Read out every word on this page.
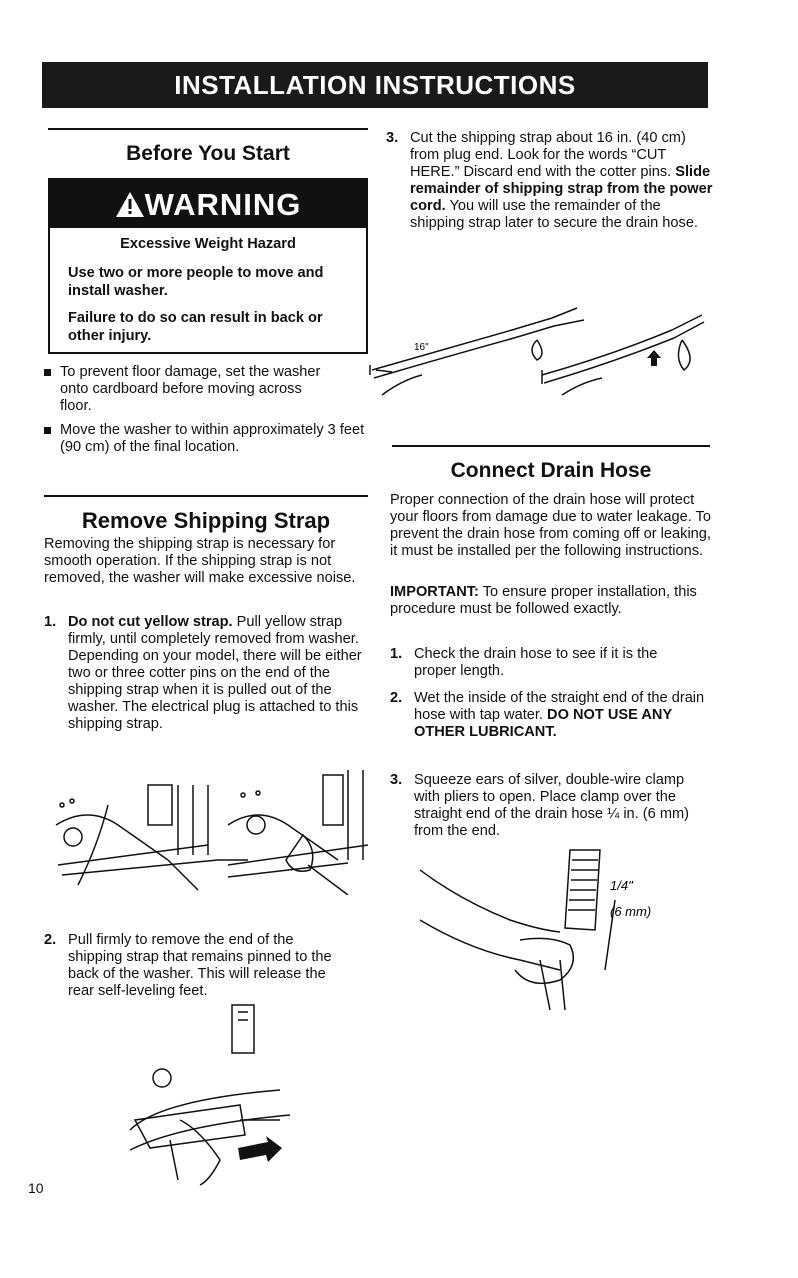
INSTALLATION INSTRUCTIONS
Before You Start
WARNING
Excessive Weight Hazard
Use two or more people to move and install washer.
Failure to do so can result in back or other injury.
To prevent floor damage, set the washer onto cardboard before moving across floor.
Move the washer to within approximately 3 feet (90 cm) of the final location.
Remove Shipping Strap

Removing the shipping strap is necessary for smooth operation. If the shipping strap is not removed, the washer will make excessive noise.

1. Do not cut yellow strap. Pull yellow strap firmly, until completely removed from washer. Depending on your model, there will be either two or three cotter pins on the end of the shipping strap when it is pulled out of the washer. The electrical plug is attached to this shipping strap.
2. Pull firmly to remove the end of the shipping strap that remains pinned to the back of the washer. This will release the rear self-leveling feet.
10
3. Cut the shipping strap about 16 in. (40 cm) from plug end. Look for the words “CUT HERE.” Discard end with the cotter pins. Slide remainder of shipping strap from the power cord. You will use the remainder of the shipping strap later to secure the drain hose.
16"
Connect Drain Hose

Proper connection of the drain hose will protect your floors from damage due to water leakage. To prevent the drain hose from coming off or leaking, it must be installed per the following instructions.

IMPORTANT: To ensure proper installation, this procedure must be followed exactly.

1. Check the drain hose to see if it is the proper length.
2. Wet the inside of the straight end of the drain hose with tap water. DO NOT USE ANY OTHER LUBRICANT.
3. Squeeze ears of silver, double-wire clamp with pliers to open. Place clamp over the straight end of the drain hose ¼ in. (6 mm) from the end.
1/4"
(6 mm)
